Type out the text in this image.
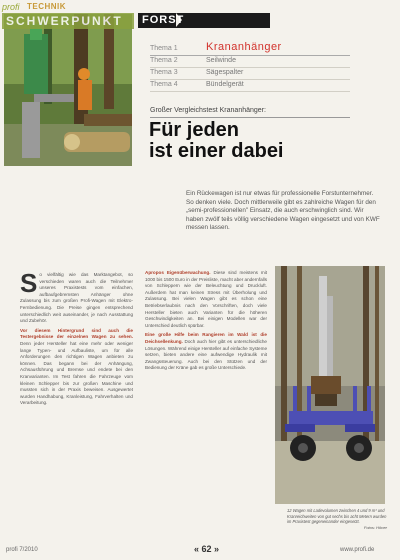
profi TECHNIK
SCHWERPUNKT	FORST
Thema 1	Krananhänger
Thema 2	Seilwinde
Thema 3	Sägespalter
Thema 4	Bündelgerät
Großer Vergleichstest Krananhänger:
Für jeden
ist einer dabei

Ein Rückewagen ist nur etwas für professionelle Forstunternehmer. So denken viele. Doch mittlerweile gibt es zahlreiche Wagen für den „semi-professionellen" Einsatz, die auch erschwinglich sind. Wir haben zwölf teils völlig verschiedene Wagen eingesetzt und von KWF messen lassen.

So vielfältig wie das Marktangebot, so verschieden waren auch die Teilnehmer unseres Praxistests vom einfachen, aufbaufgebremsten Anhänger ohne Zulassung bis zum großen Profi-Wagen mit Elektro-Fernbedienung. Die Preise gingen entsprechend unterschiedlich weit auseinander, je nach Ausstattung und Zubehör.

Vor diesem Hintergrund sind auch die Testergebnisse der einzelnen Wagen zu sehen. Denn jeder Hersteller hat eine mehr oder weniger lange Typen- und Aufbauliste, um für alle Anforderungen den richtigen Wagen anbieten zu können. Das begann bei der Anhängung, Achsausführung und Bremse und endete bei den Kranvarianten. Im Test fahren die Fahrzeuge vom kleinen Schlepper bis zur großen Maschine und mussten sich in der Praxis beweisen. Ausgewertet wurden Handhabung, Kranleistung, Fahrverhalten und Verarbeitung.

Apropos Eigenüberwachung. Diese sind meistens mit 1000 bis 1500 Euro in der Preisliste, macht aber andernfalls von Schleppern wie der Beleuchtung und Druckluft. Außerdem hat man keinen Stress mit Überholung und Zulassung. Bei vielen Wagen gibt es schon eine Betriebserlaubnis nach den Vorschriften, doch viele Hersteller bieten auch Varianten für die höheren Geschwindigkeiten an. Bei einigen Modellen war der Unterschied deutlich spürbar.

Eine große Hilfe beim Rangieren im Wald ist die Deichsellenkung. Doch auch hier gibt es unterschiedliche Lösungen. Während einige Hersteller auf einfache Systeme setzen, bieten andere eine aufwendige Hydraulik mit Zwangssteuerung. Auch bei den Stützen und der Bedienung der Kräne gab es große Unterschiede.

12 Wagen mit Ladevolumen zwischen 4 und 9 m³ und Kranreichweiten von gut sechs bis acht Metern wurden im Praxistest gegeneinander eingesetzt.
Fotos: Höner

profi 7/2010	« 62 »	www.profi.de
